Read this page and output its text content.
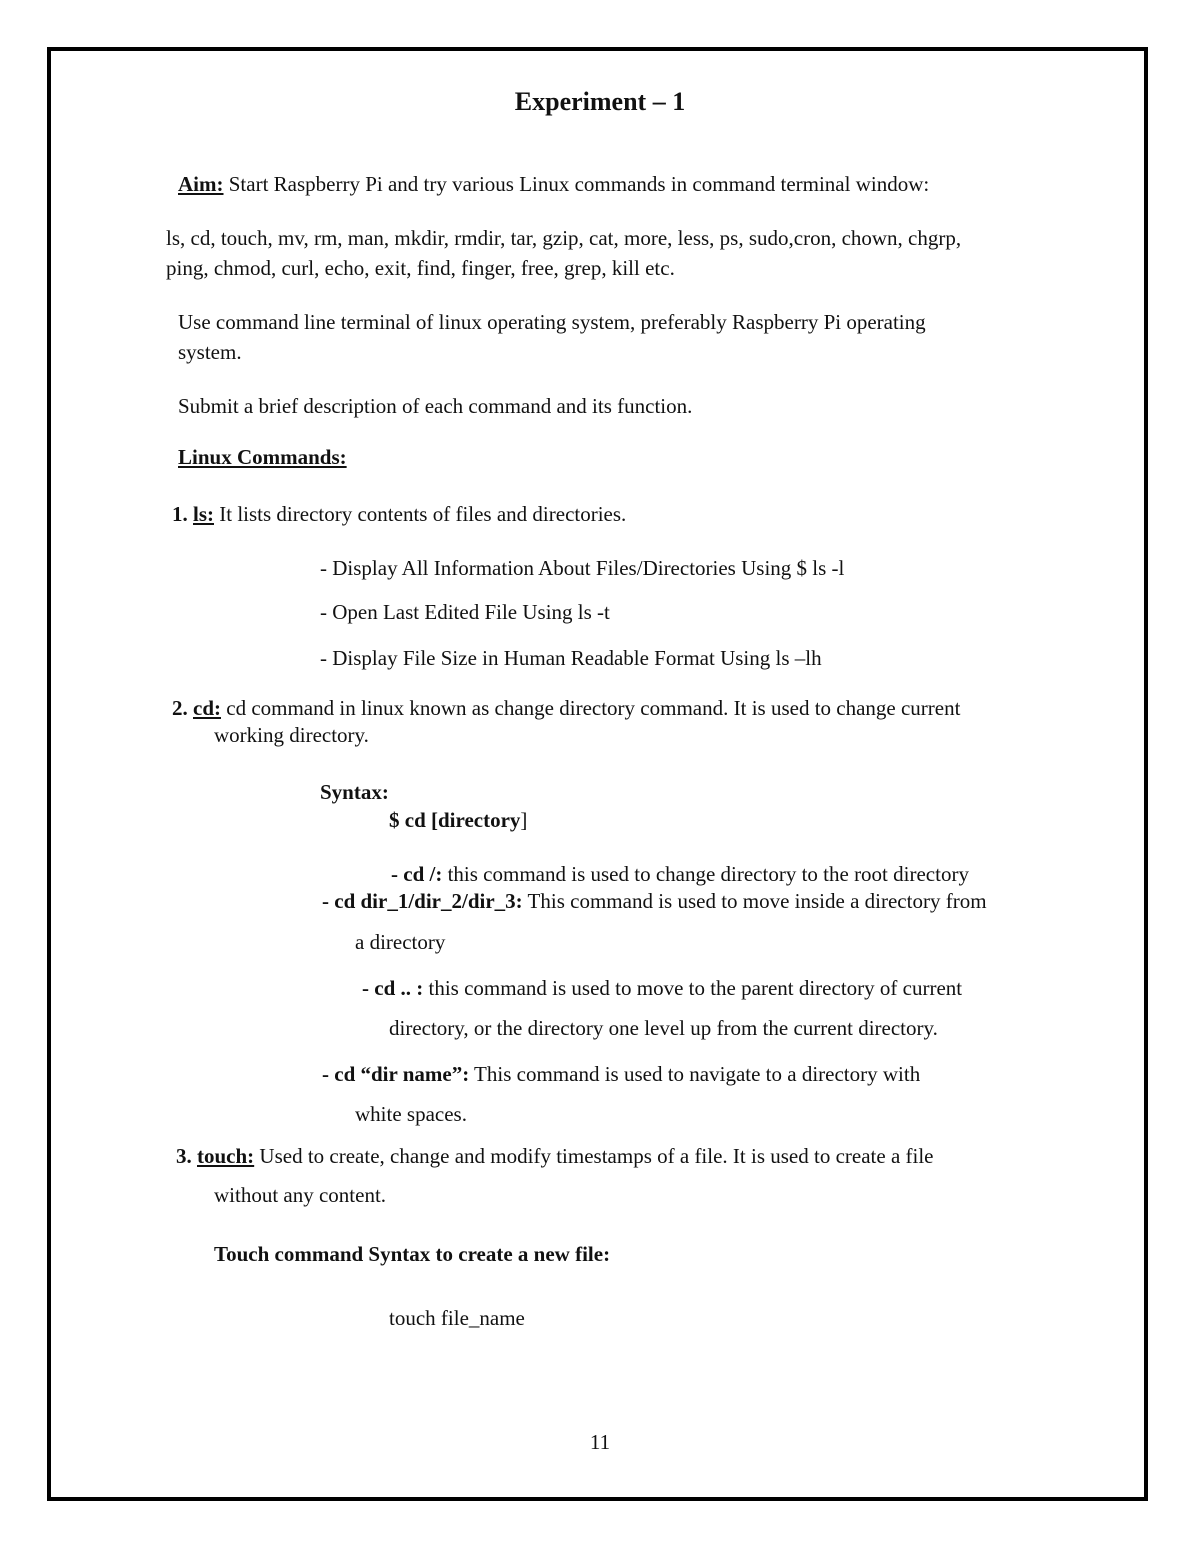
Experiment – 1
Aim: Start Raspberry Pi and try various Linux commands in command terminal window:
ls, cd, touch, mv, rm, man, mkdir, rmdir, tar, gzip, cat, more, less, ps, sudo,cron, chown, chgrp,
ping, chmod, curl, echo, exit, find, finger, free, grep, kill etc.
Use command line terminal of linux operating system, preferably Raspberry Pi operating
system.
Submit a brief description of each command and its function.
Linux Commands:
1. ls: It lists directory contents of files and directories.
- Display All Information About Files/Directories Using $ ls -l
- Open Last Edited File Using ls -t
- Display File Size in Human Readable Format Using ls –lh
2. cd: cd command in linux known as change directory command. It is used to change current
working directory.
Syntax:
$ cd [directory]
- cd /: this command is used to change directory to the root directory
- cd dir_1/dir_2/dir_3: This command is used to move inside a directory from
a directory
- cd .. : this command is used to move to the parent directory of current
directory, or the directory one level up from the current directory.
- cd “dir name”: This command is used to navigate to a directory with
white spaces.
3. touch: Used to create, change and modify timestamps of a file. It is used to create a file
without any content.
Touch command Syntax to create a new file:
touch file_name
11
